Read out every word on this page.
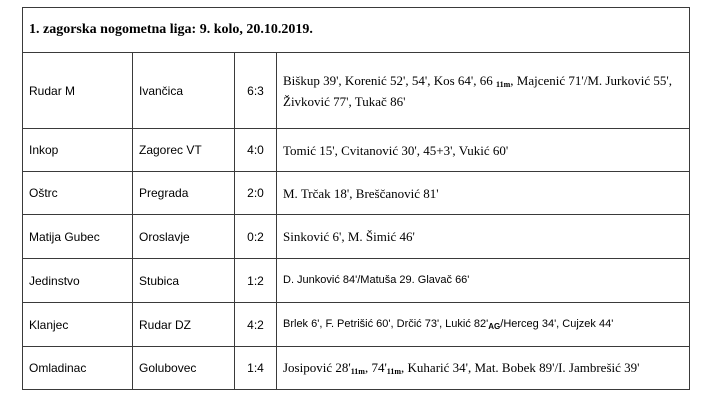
1. zagorska nogometna liga: 9. kolo, 20.10.2019.			
Rudar M	Ivančica	6:3	Biškup 39', Korenić 52', 54', Kos 64', 66 11m, Majcenić 71'/M. Jurković 55', Živković 77', Tukač 86'
Inkop	Zagorec VT	4:0	Tomić 15', Cvitanović 30', 45+3', Vukić 60'
Oštrc	Pregrada	2:0	M. Trčak 18', Breščanović 81'
Matija Gubec	Oroslavje	0:2	Sinković 6', M. Šimić 46'
Jedinstvo	Stubica	1:2	D. Junković 84'/Matuša 29. Glavač 66'
Klanjec	Rudar DZ	4:2	Brlek 6', F. Petrišić 60', Drčić 73', Lukić 82'AG/Herceg 34', Cujzek 44'
Omladinac	Golubovec	1:4	Josipović 28'11m, 74'11m, Kuharić 34', Mat. Bobek 89'/I. Jambrešić 39'
